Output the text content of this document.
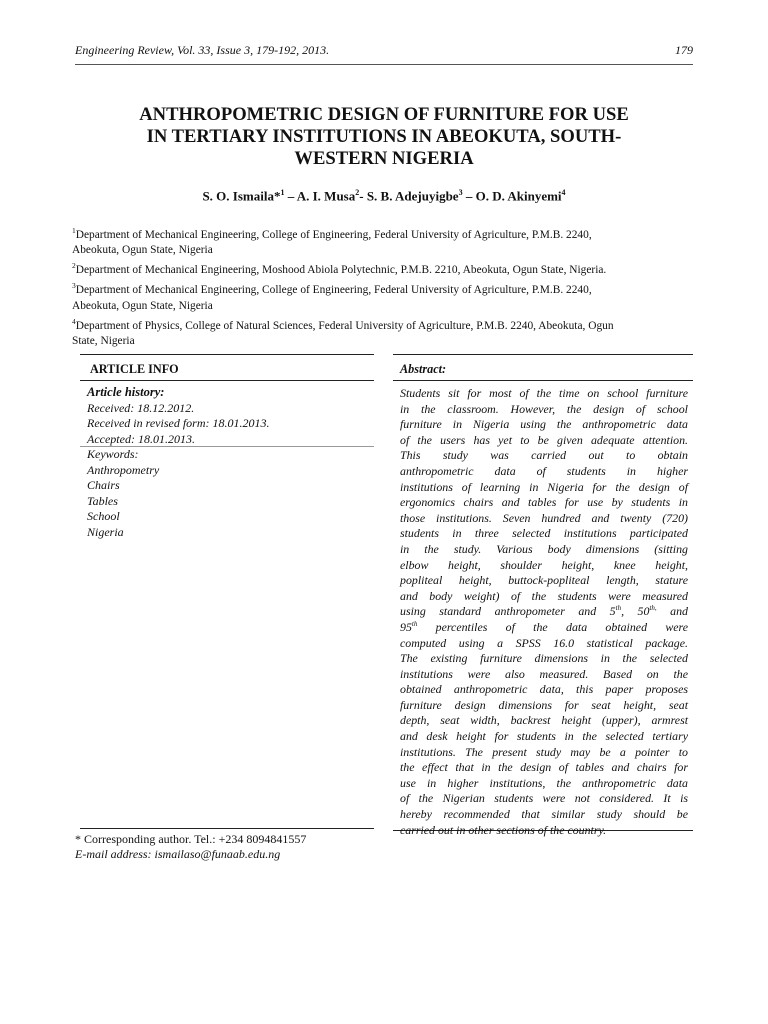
Engineering Review, Vol. 33, Issue 3, 179-192, 2013.	179
ANTHROPOMETRIC DESIGN OF FURNITURE FOR USE
IN TERTIARY INSTITUTIONS IN ABEOKUTA, SOUTH-
WESTERN NIGERIA
S. O. Ismaila*$^1$ – A. I. Musa$^2$- S. B. Adejuyigbe$^3$ – O. D. Akinyemi$^4$
$^1$Department of Mechanical Engineering, College of Engineering, Federal University of Agriculture, P.M.B. 2240,
Abeokuta, Ogun State, Nigeria
$^2$Department of Mechanical Engineering, Moshood Abiola Polytechnic, P.M.B. 2210, Abeokuta, Ogun State, Nigeria.
$^3$Department of Mechanical Engineering, College of Engineering, Federal University of Agriculture, P.M.B. 2240,
Abeokuta, Ogun State, Nigeria
$^4$Department of Physics, College of Natural Sciences, Federal University of Agriculture, P.M.B. 2240, Abeokuta, Ogun
State, Nigeria
ARTICLE INFO
Article history:
Received: 18.12.2012.
Received in revised form: 18.01.2013.
Accepted: 18.01.2013.
Keywords:
Anthropometry
Chairs
Tables
School
Nigeria
Abstract:
Students sit for most of the time on school furniture
in the classroom. However, the design of school
furniture in Nigeria using the anthropometric data
of the users has yet to be given adequate attention.
This study was carried out to obtain
anthropometric data of students in higher
institutions of learning in Nigeria for the design of
ergonomics chairs and tables for use by students in
those institutions. Seven hundred and twenty (720)
students in three selected institutions participated
in the study. Various body dimensions (sitting
elbow height, shoulder height, knee height,
popliteal height, buttock-popliteal length, stature
and body weight) of the students were measured
using standard anthropometer and 5th, $50^{th,}$ and
95th percentiles of the data obtained were
computed using a SPSS 16.0 statistical package.
The existing furniture dimensions in the selected
institutions were also measured. Based on the
obtained anthropometric data, this paper proposes
furniture design dimensions for seat height, seat
depth, seat width, backrest height (upper), armrest
and desk height for students in the selected tertiary
institutions. The present study may be a pointer to
the effect that in the design of tables and chairs for
use in higher institutions, the anthropometric data
of the Nigerian students were not considered. It is
hereby recommended that similar study should be
carried out in other sections of the country.
* Corresponding author. Tel.: +234 8094841557
E-mail address: ismailaso@funaab.edu.ng
